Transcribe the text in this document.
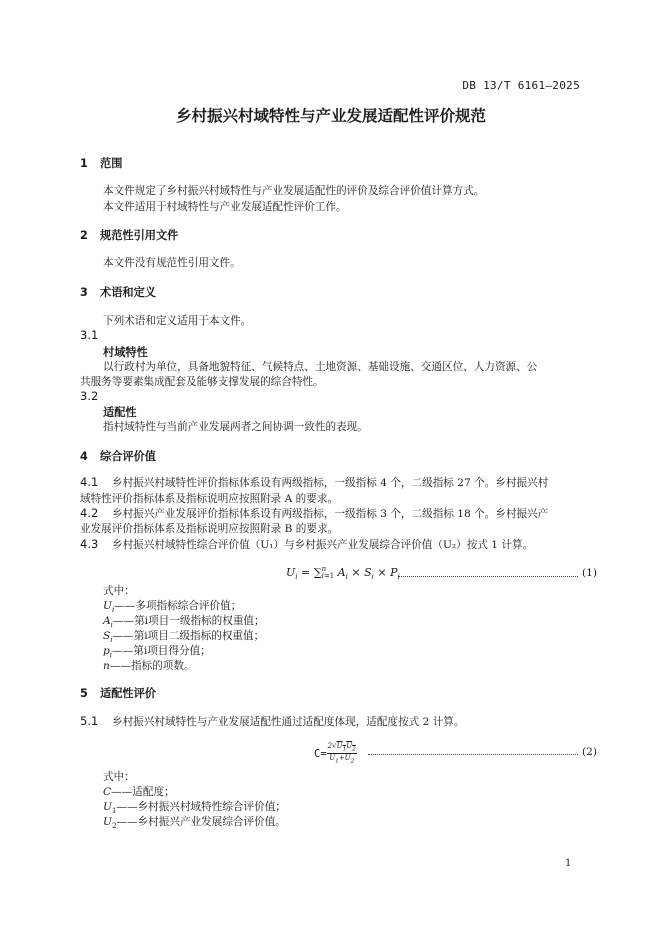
DB 13/T 6161—2025
乡村振兴村域特性与产业发展适配性评价规范
1 范围
本文件规定了乡村振兴村域特性与产业发展适配性的评价及综合评价值计算方式。
本文件适用于村域特性与产业发展适配性评价工作。
2 规范性引用文件
本文件没有规范性引用文件。
3 术语和定义
下列术语和定义适用于本文件。
3.1
村域特性
以行政村为单位，具备地貌特征、气候特点、土地资源、基础设施、交通区位、人力资源、公
共服务等要素集成配套及能够支撑发展的综合特性。
3.2
适配性
指村域特性与当前产业发展两者之间协调一致性的表现。
4 综合评价值
4.1 乡村振兴村域特性评价指标体系设有两级指标，一级指标 4 个，二级指标 27 个。乡村振兴村
域特性评价指标体系及指标说明应按照附录 A 的要求。
4.2 乡村振兴产业发展评价指标体系设有两级指标，一级指标 3 个，二级指标 18 个。乡村振兴产
业发展评价指标体系及指标说明应按照附录 B 的要求。
4.3 乡村振兴村域特性综合评价值（U₁）与乡村振兴产业发展综合评价值（U₂）按式 1 计算。
$U_i$ = ∑ n
i=1 $A_i \times S_i \times P_i$	(1)
式中：
$U_i——$多项指标综合评价值；
$A_i——$第i项目一级指标的权重值；
$S_i——$第i项目二级指标的权重值；
$p_i——$第i项目得分值；
n——指标的项数。
5 适配性评价
5.1 乡村振兴村域特性与产业发展适配性通过适配度体现，适配度按式 2 计算。
$C= \frac{2√U_1U_2}{U_1+U_2}$	(2)
式中：
C——适配度；
$U_1——$乡村振兴村域特性综合评价值；
$U_2——$乡村振兴产业发展综合评价值。
1
